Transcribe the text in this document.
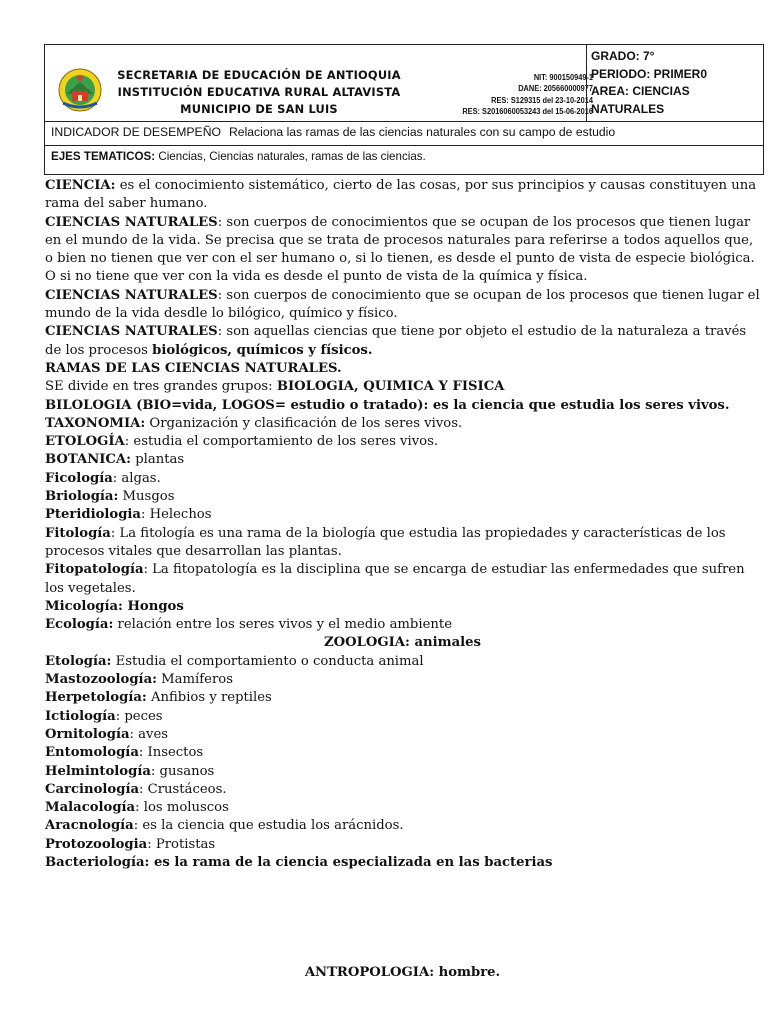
SECRETARIA DE EDUCACIÓN DE ANTIOQUIA
INSTITUCIÓN EDUCATIVA RURAL ALTAVISTA
MUNICIPIO DE SAN LUIS
NIT: 900150949-1
DANE: 205660000977
RES: S129315 del 23-10-2014
RES: S2016060053243 del 15-06-2016
GRADO: 7°
PERIODO: PRIMER0
AREA: CIENCIAS
NATURALES
INDICADOR DE DESEMPEÑO Relaciona las ramas de las ciencias naturales con su campo de estudio
EJES TEMATICOS: Ciencias, Ciencias naturales, ramas de las ciencias.

CIENCIA: es el conocimiento sistemático, cierto de las cosas, por sus principios y causas constituyen una rama del saber humano.

CIENCIAS NATURALES: son cuerpos de conocimientos que se ocupan de los procesos que tienen lugar en el mundo de la vida. Se precisa que se trata de procesos naturales para referirse a todos aquellos que, o bien no tienen que ver con el ser humano o, si lo tienen, es desde el punto de vista de especie biológica. O si no tiene que ver con la vida es desde el punto de vista de la química y física.

CIENCIAS NATURALES: son cuerpos de conocimiento que se ocupan de los procesos que tienen lugar el mundo de la vida desdle lo bilógico, químico y físico.

CIENCIAS NATURALES: son aquellas ciencias que tiene por objeto el estudio de la naturaleza a través de los procesos biológicos, químicos y físicos.

RAMAS DE LAS CIENCIAS NATURALES.

SE divide en tres grandes grupos: BIOLOGIA, QUIMICA Y FISICA

BILOLOGIA (BIO=vida, LOGOS= estudio o tratado): es la ciencia que estudia los seres vivos.

TAXONOMIA: Organización y clasificación de los seres vivos.

ETOLOGÍA: estudia el comportamiento de los seres vivos.

BOTANICA: plantas

Ficología: algas.

Briología: Musgos

Pteridiologia: Helechos

Fitología: La fitología es una rama de la biología que estudia las propiedades y características de los procesos vitales que desarrollan las plantas.

Fitopatología: La fitopatología es la disciplina que se encarga de estudiar las enfermedades que sufren los vegetales.

Micología: Hongos

Ecología: relación entre los seres vivos y el medio ambiente

ZOOLOGIA: animales

Etología: Estudia el comportamiento o conducta animal

Mastozoología: Mamíferos

Herpetología: Anfibios y reptiles

Ictiología: peces

Ornitología: aves

Entomología: Insectos

Helmintología: gusanos

Carcinología: Crustáceos.

Malacología: los moluscos

Aracnología: es la ciencia que estudia los arácnidos.

Protozoologia: Protistas

Bacteriología: es la rama de la ciencia especializada en las bacterias

ANTROPOLOGIA: hombre.
